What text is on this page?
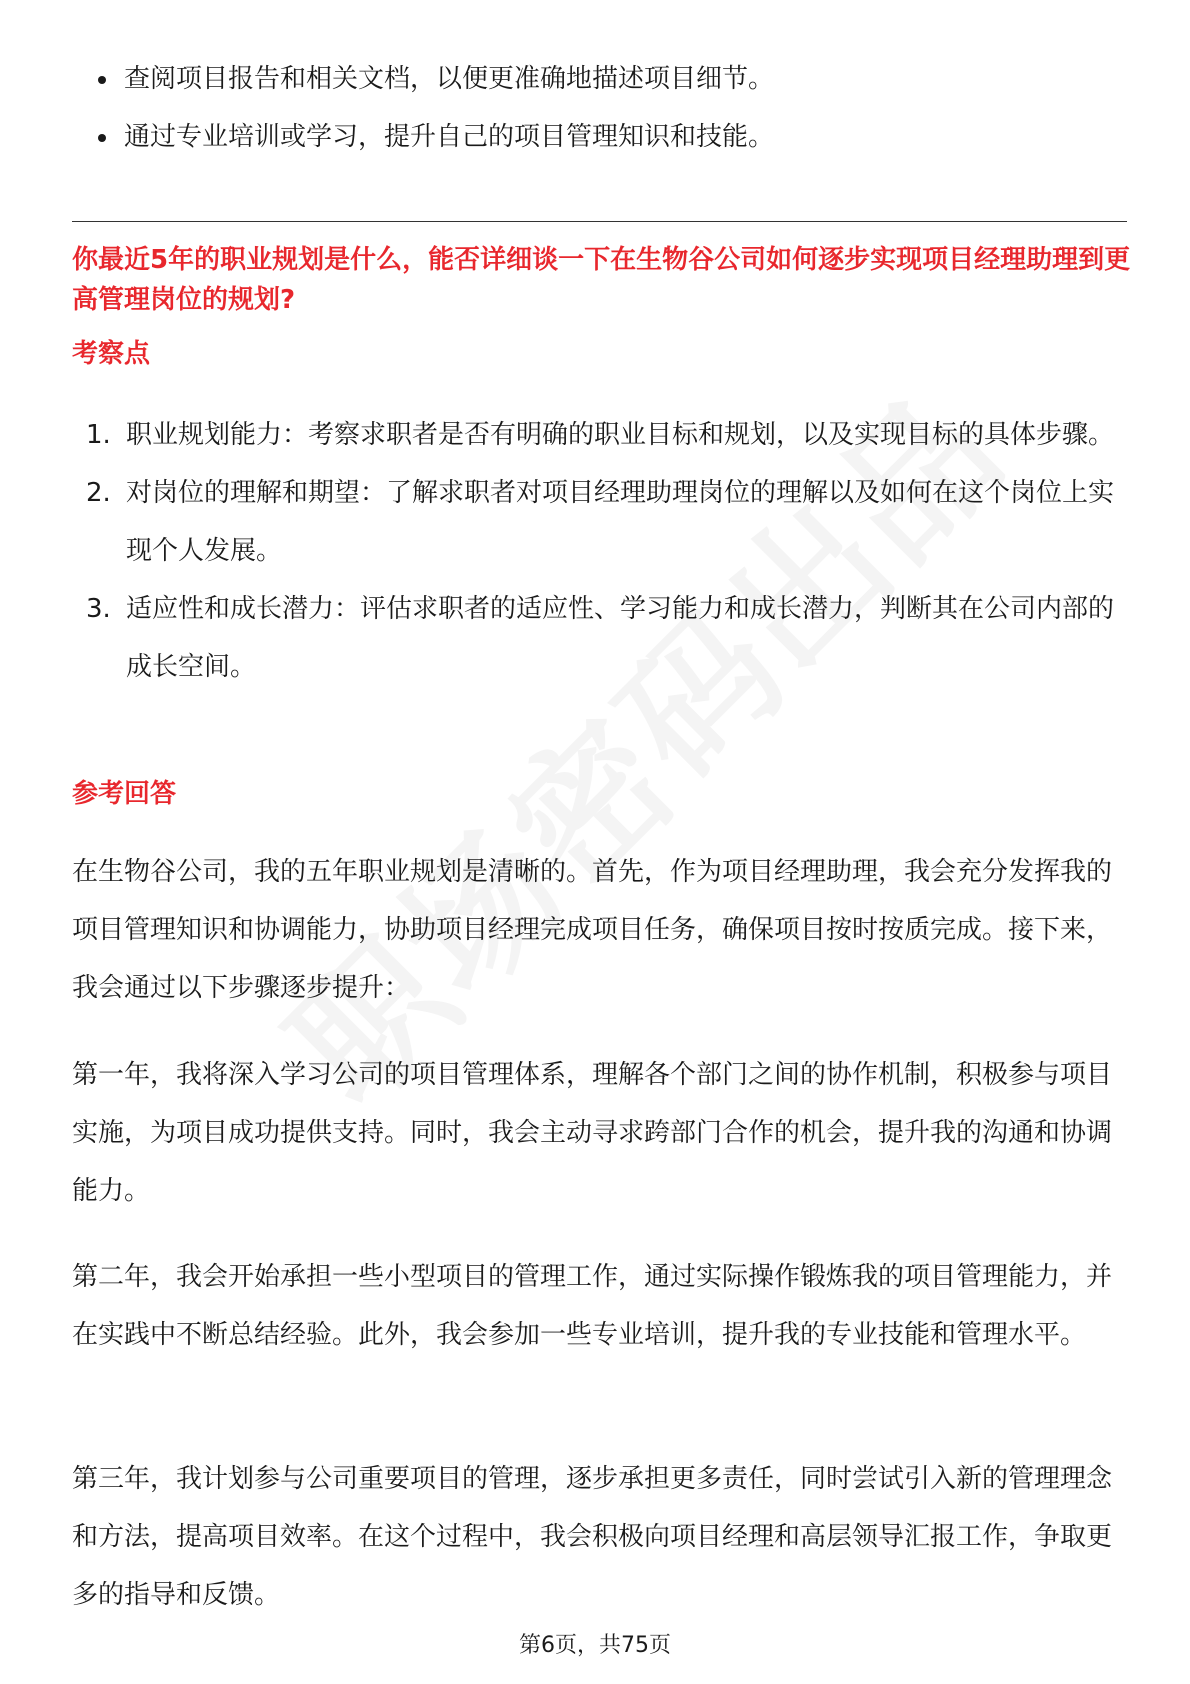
查阅项目报告和相关文档，以便更准确地描述项目细节。
通过专业培训或学习，提升自己的项目管理知识和技能。
你最近5年的职业规划是什么，能否详细谈一下在生物谷公司如何逐步实现项目经理助理到更高管理岗位的规划?
考察点
1. 职业规划能力：考察求职者是否有明确的职业目标和规划，以及实现目标的具体步骤。
2. 对岗位的理解和期望：了解求职者对项目经理助理岗位的理解以及如何在这个岗位上实现个人发展。
3. 适应性和成长潜力：评估求职者的适应性、学习能力和成长潜力，判断其在公司内部的成长空间。
参考回答

在生物谷公司，我的五年职业规划是清晰的。首先，作为项目经理助理，我会充分发挥我的项目管理知识和协调能力，协助项目经理完成项目任务，确保项目按时按质完成。接下来，我会通过以下步骤逐步提升：

第一年，我将深入学习公司的项目管理体系，理解各个部门之间的协作机制，积极参与项目实施，为项目成功提供支持。同时，我会主动寻求跨部门合作的机会，提升我的沟通和协调能力。

第二年，我会开始承担一些小型项目的管理工作，通过实际操作锻炼我的项目管理能力，并在实践中不断总结经验。此外，我会参加一些专业培训，提升我的专业技能和管理水平。

第三年，我计划参与公司重要项目的管理，逐步承担更多责任，同时尝试引入新的管理理念和方法，提高项目效率。在这个过程中，我会积极向项目经理和高层领导汇报工作，争取更多的指导和反馈。

第6页，共75页
